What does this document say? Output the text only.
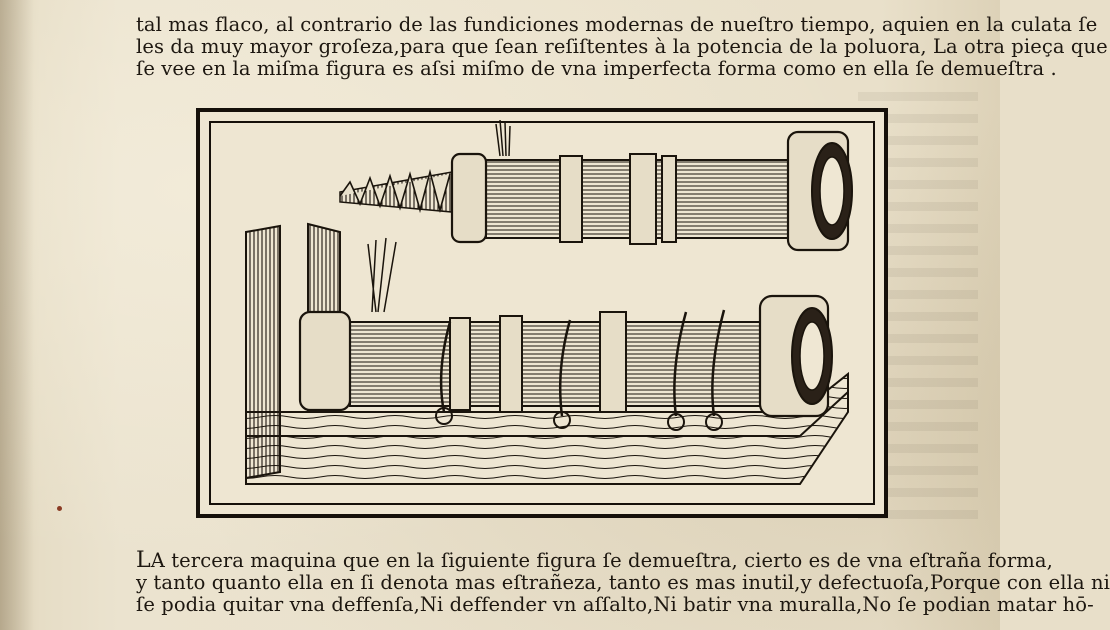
tal mas flaco, al contrario de las fundiciones modernas de nueſtro tiempo, aquien en la culata ſe
les da muy mayor groſeza,para que ſean reſiſtentes à la potencia de la poluora, La otra pieça que
ſe vee en la miſma figura es aſsi miſmo de vna imperfecta forma como en ella ſe demueſtra .
LA tercera maquina que en la ſiguiente figura ſe demueſtra, cierto es de vna eſtraña forma,
y tanto quanto ella en ſi denota mas eſtrañeza, tanto es mas inutil,y defectuoſa,Porque con ella ni
ſe podia quitar vna deffenſa,Ni deffender vn aſſalto,Ni batir vna muralla,No ſe podian matar hō-
